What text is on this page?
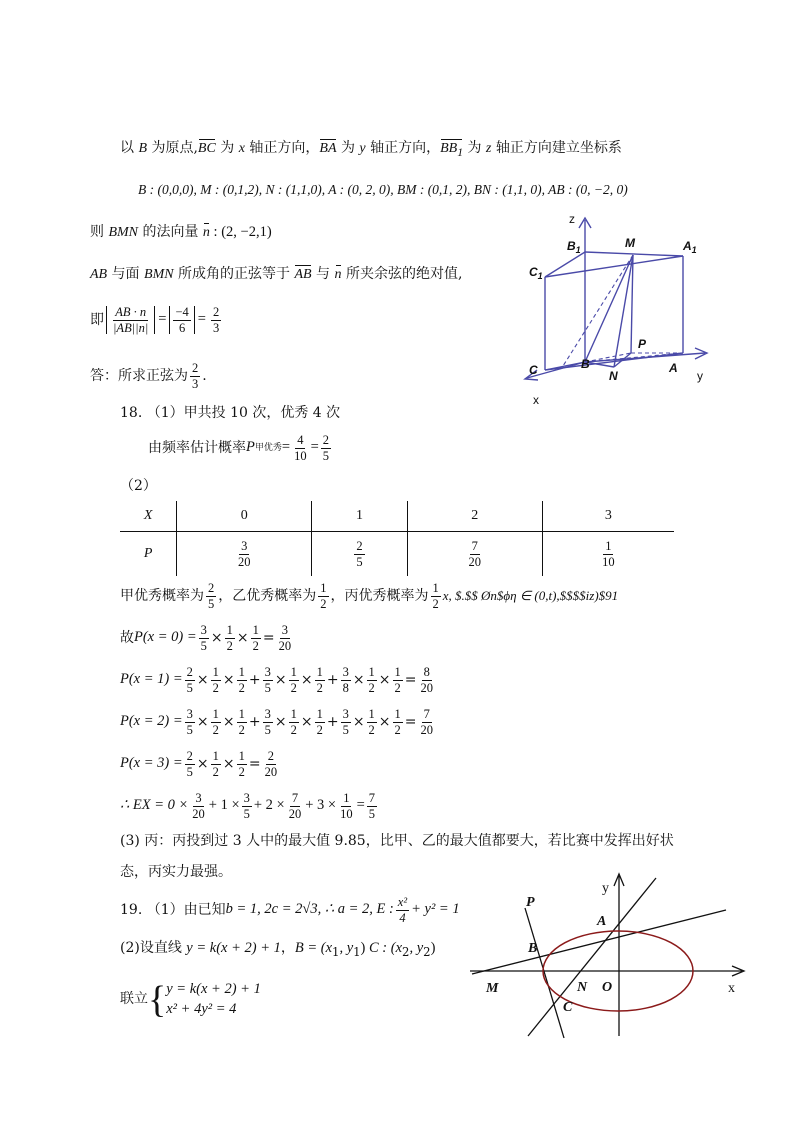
以 B 为原点,BC 为 x 轴正方向，BA 为 y 轴正方向，$BB_1$ 为 z 轴正方向建立坐标系
B : (0,0,0), M : (0,1,2), N : (1,1,0), A : (0, 2, 0), BM : (0,1, 2), BN : (1,1, 0), AB : (0, −2, 0)
则 BMN 的法向量 n : (2, −2,1)
AB 与面 BMN 所成角的正弦等于 AB 与 n 所夹余弦的绝对值,
即 $\frac{AB \cdot n}{|AB||n|} = \frac{-4}{6} = \frac{2}{3}$
答：所求正弦为 $\frac{2}{3}$ .
z
$B_1$	M	$A_1$
$C_1$
P
C	B
N
A
y
x
18. （1）甲共投 10 次，优秀 4 次
由频率估计概率 P 甲优秀 = $\frac{4}{10} = \frac{2}{5}$
（2）
X	0	1	2	3
P	$\frac{3}{20}$	$\frac{2}{5}$	$\frac{7}{20}$	$\frac{1}{10}$
甲优秀概率为 $\frac{2}{5}$ ，乙优秀概率为 $\frac{1}{2}$ ，丙优秀概率为 $\frac{1}{2} x$, $.$$ Øn$ϕη ∈ (0,t),$$$$iz)$91
故 $P(x = 0) = \frac{3}{5} \times \frac{1}{2} \times \frac{1}{2} = \frac{3}{20}$
$P(x = 1) = \frac{2}{5} \times \frac{1}{2} \times \frac{1}{2} + \frac{3}{5} \times \frac{1}{2} \times \frac{1}{2} + \frac{3}{8} \times \frac{1}{2} \times \frac{1}{2} = \frac{8}{20}$
$P(x = 2) = \frac{3}{5} \times \frac{1}{2} \times \frac{1}{2} + \frac{3}{5} \times \frac{1}{2} \times \frac{1}{2} + \frac{3}{5} \times \frac{1}{2} \times \frac{1}{2} = \frac{7}{20}$
$P(x = 3) = \frac{2}{5} \times \frac{1}{2} \times \frac{1}{2} = \frac{2}{20}$
∴ EX = $0 \times \frac{3}{20} + 1 \times \frac{3}{5} + 2 \times \frac{7}{20} + 3 \times \frac{1}{10} = \frac{7}{5}$
(3) 丙：丙投到过 3 人中的最大值 9.85，比甲、乙的最大值都要大，若比赛中发挥出好状
态，丙实力最强。
19. （1）由已知 b = 1, 2c = 2√3, ∴ a = 2 , E : $\frac{\text{x²}}{4} + y^2 = 1$
(2)设直线 y = k(x + 2) + 1，$B = (x_1$, $y_1$) C : ($x_2$, $y_2$)
联立 { y = k(x + 2) + 1
x² + 4y² = 4
y
P
A
B
M	N O
C
x
